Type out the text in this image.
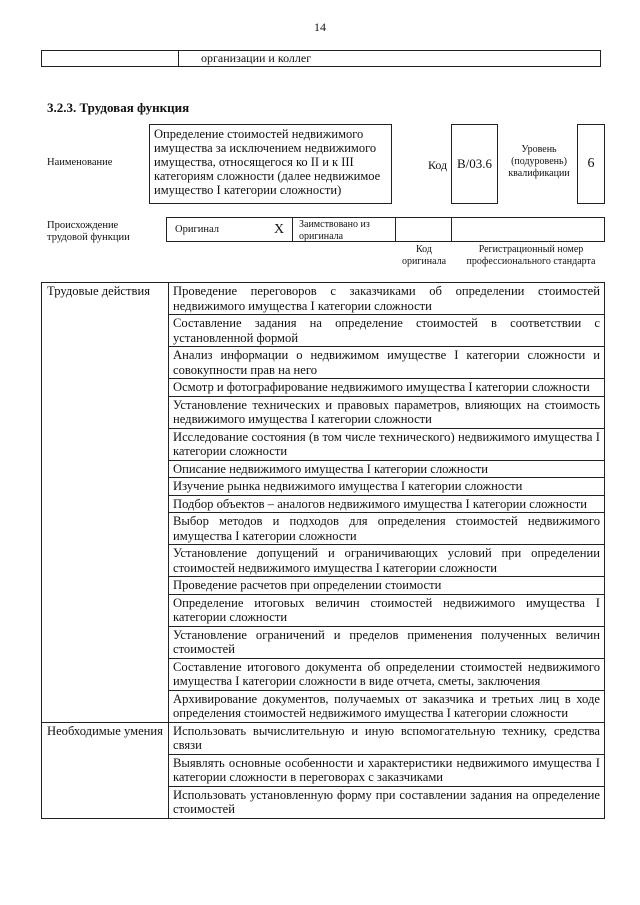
14
	организации и коллег
3.2.3. Трудовая функция
Наименование
Определение стоимостей недвижимого имущества за исключением недвижимого имущества, относящегося ко II и к III категориям сложности (далее недвижимое имущество I категории сложности)
Код B/03.6
Уровень (подуровень) квалификации
6
Происхождение трудовой функции
Оригинал	X Заимствовано из оригинала
Код оригинала
Регистрационный номер профессионального стандарта
Трудовые действия	Проведение переговоров с заказчиками об определении стоимостей недвижимого имущества I категории сложности
	Составление задания на определение стоимостей в соответствии с установленной формой
	Анализ информации о недвижимом имуществе I категории сложности и совокупности прав на него
	Осмотр и фотографирование недвижимого имущества I категории сложности
	Установление технических и правовых параметров, влияющих на стоимость недвижимого имущества I категории сложности
	Исследование состояния (в том числе технического) недвижимого имущества I категории сложности
	Описание недвижимого имущества I категории сложности
	Изучение рынка недвижимого имущества I категории сложности
	Подбор объектов – аналогов недвижимого имущества I категории сложности
	Выбор методов и подходов для определения стоимостей недвижимого имущества I категории сложности
	Установление допущений и ограничивающих условий при определении стоимостей недвижимого имущества I категории сложности
	Проведение расчетов при определении стоимости
	Определение итоговых величин стоимостей недвижимого имущества I категории сложности
	Установление ограничений и пределов применения полученных величин стоимостей
	Составление итогового документа об определении стоимостей недвижимого имущества I категории сложности в виде отчета, сметы, заключения
	Архивирование документов, получаемых от заказчика и третьих лиц в ходе определения стоимостей недвижимого имущества I категории сложности
Необходимые умения	Использовать вычислительную и иную вспомогательную технику, средства связи
	Выявлять основные особенности и характеристики недвижимого имущества I категории сложности в переговорах с заказчиками
	Использовать установленную форму при составлении задания на определение стоимостей
